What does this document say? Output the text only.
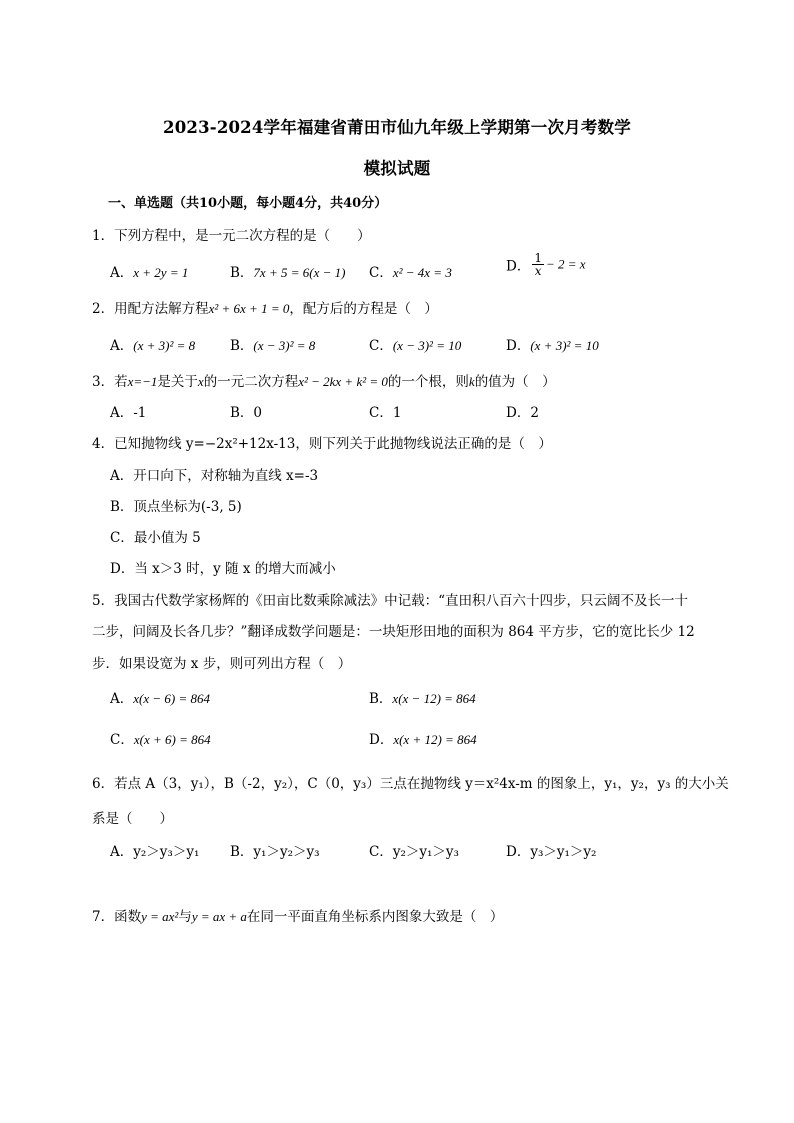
2023-2024学年福建省莆田市仙九年级上学期第一次月考数学
模拟试题
一、单选题（共10小题，每小题4分，共40分）
1．下列方程中，是一元二次方程的是（　　）
A．x + 2y = 1	B．7x + 5 = 6(x − 1) C．x² − 4x = 3	D． $\frac{1}{x} - 2 = x$
2．用配方法解方程x² + 6x + 1 = 0，配方后的方程是（　）
A．(x + 3)² = 8	B．(x − 3)² = 8	C．(x − 3)² = 10	D．(x + 3)² = 10
3．若x=−1是关于x的一元二次方程x² − 2kx + k² = 0的一个根，则k的值为（　）
A．-1	B．0	C．1	D．2
4．已知抛物线 y=−2x²+12x-13，则下列关于此抛物线说法正确的是（　）
A．开口向下，对称轴为直线 x=-3
B．顶点坐标为(-3, 5)
C．最小值为 5
D．当 x＞3 时，y 随 x 的增大而减小
5．我国古代数学家杨辉的《田亩比数乘除减法》中记载：“直田积八百六十四步，只云阔不及长一十
二步，问阔及长各几步？”翻译成数学问题是：一块矩形田地的面积为 864 平方步，它的宽比长少 12
步．如果设宽为 x 步，则可列出方程（　）
A．x(x − 6) = 864	B．x(x − 12) = 864
C．x(x + 6) = 864	D．x(x + 12) = 864
6．若点 A（3，y₁），B（-2，y₂），C（0，y₃）三点在抛物线 y＝x²4x-m 的图象上，y₁，y₂，y₃ 的大小关
系是（　　）
A．y₂＞y₃＞y₁ B．y₁＞y₂＞y₃	C．y₂＞y₁＞y₃	D．y₃＞y₁＞y₂
7．函数y = ax²与y = ax + a在同一平面直角坐标系内图象大致是（　）
